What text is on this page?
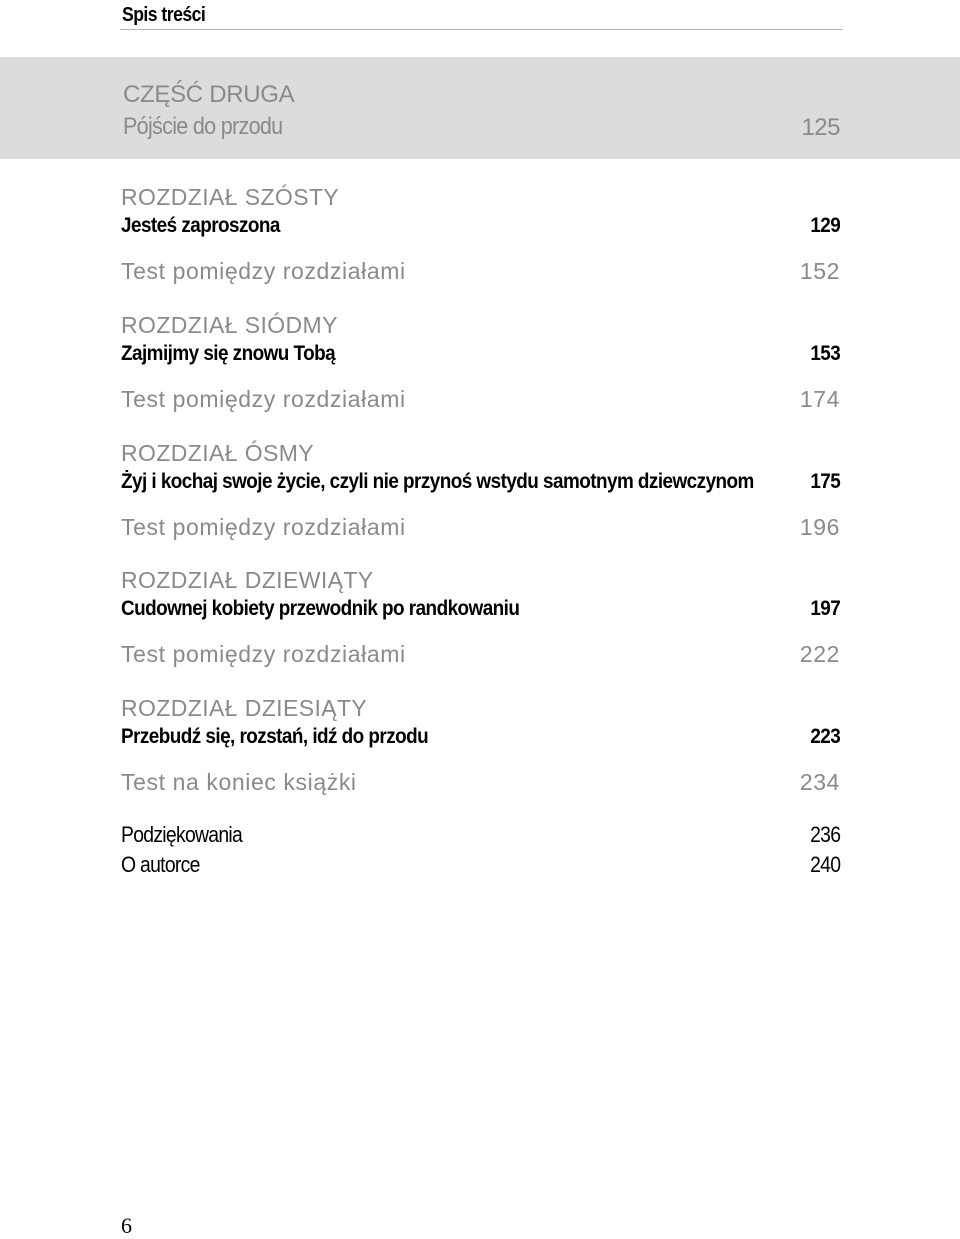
Spis treści
CZĘŚĆ DRUGA
Pójście do przodu	125
ROZDZIAŁ SZÓSTY
Jesteś zaproszona	129
Test pomiędzy rozdziałami	152
ROZDZIAŁ SIÓDMY
Zajmijmy się znowu Tobą	153
Test pomiędzy rozdziałami	174
ROZDZIAŁ ÓSMY
Żyj i kochaj swoje życie, czyli nie przynoś wstydu samotnym dziewczynom	175
Test pomiędzy rozdziałami	196
ROZDZIAŁ DZIEWIĄTY
Cudownej kobiety przewodnik po randkowaniu	197
Test pomiędzy rozdziałami	222
ROZDZIAŁ DZIESIĄTY
Przebudź się, rozstań, idź do przodu	223
Test na koniec książki	234
Podziękowania	236
O autorce	240
6
